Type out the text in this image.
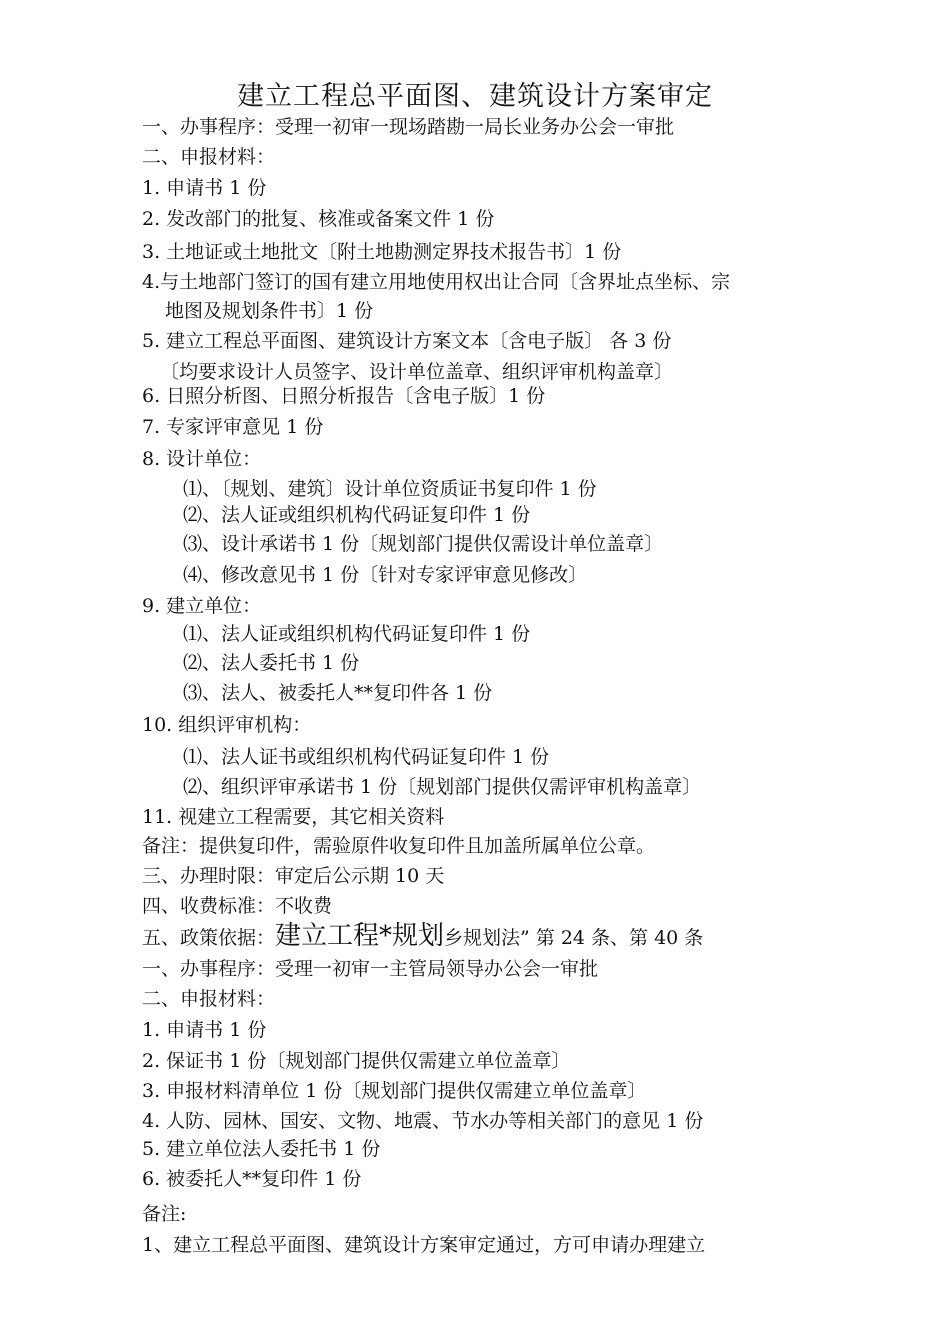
建立工程总平面图、建筑设计方案审定
一、办事程序：受理一初审一现场踏勘一局长业务办公会一审批
二、申报材料：
1. 申请书 1 份
2. 发改部门的批复、核准或备案文件 1 份
3. 土地证或土地批文〔附土地勘测定界技术报告书〕1 份
4.与土地部门签订的国有建立用地使用权出让合同〔含界址点坐标、宗
地图及规划条件书〕1 份
5. 建立工程总平面图、建筑设计方案文本〔含电子版〕 各 3 份
〔均要求设计人员签字、设计单位盖章、组织评审机构盖章〕
6. 日照分析图、日照分析报告〔含电子版〕1 份
7. 专家评审意见 1 份
8. 设计单位：
⑴、〔规划、建筑〕设计单位资质证书复印件 1 份
⑵、法人证或组织机构代码证复印件 1 份
⑶、设计承诺书 1 份〔规划部门提供仅需设计单位盖章〕
⑷、修改意见书 1 份〔针对专家评审意见修改〕
9. 建立单位：
⑴、法人证或组织机构代码证复印件 1 份
⑵、法人委托书 1 份
⑶、法人、被委托人**复印件各 1 份
10. 组织评审机构：
⑴、法人证书或组织机构代码证复印件 1 份
⑵、组织评审承诺书 1 份〔规划部门提供仅需评审机构盖章〕
11. 视建立工程需要，其它相关资料
备注：提供复印件，需验原件收复印件且加盖所属单位公章。
三、办理时限：审定后公示期 10 天
四、收费标准：不收费
五、政策依据：建立工程*规划乡规划法” 第 24 条、第 40 条
一、办事程序：受理一初审一主管局领导办公会一审批
二、申报材料：
1. 申请书 1 份
2. 保证书 1 份〔规划部门提供仅需建立单位盖章〕
3. 申报材料清单位 1 份〔规划部门提供仅需建立单位盖章〕
4. 人防、园林、国安、文物、地震、节水办等相关部门的意见 1 份
5. 建立单位法人委托书 1 份
6. 被委托人**复印件 1 份
备注:
1、建立工程总平面图、建筑设计方案审定通过，方可申请办理建立
